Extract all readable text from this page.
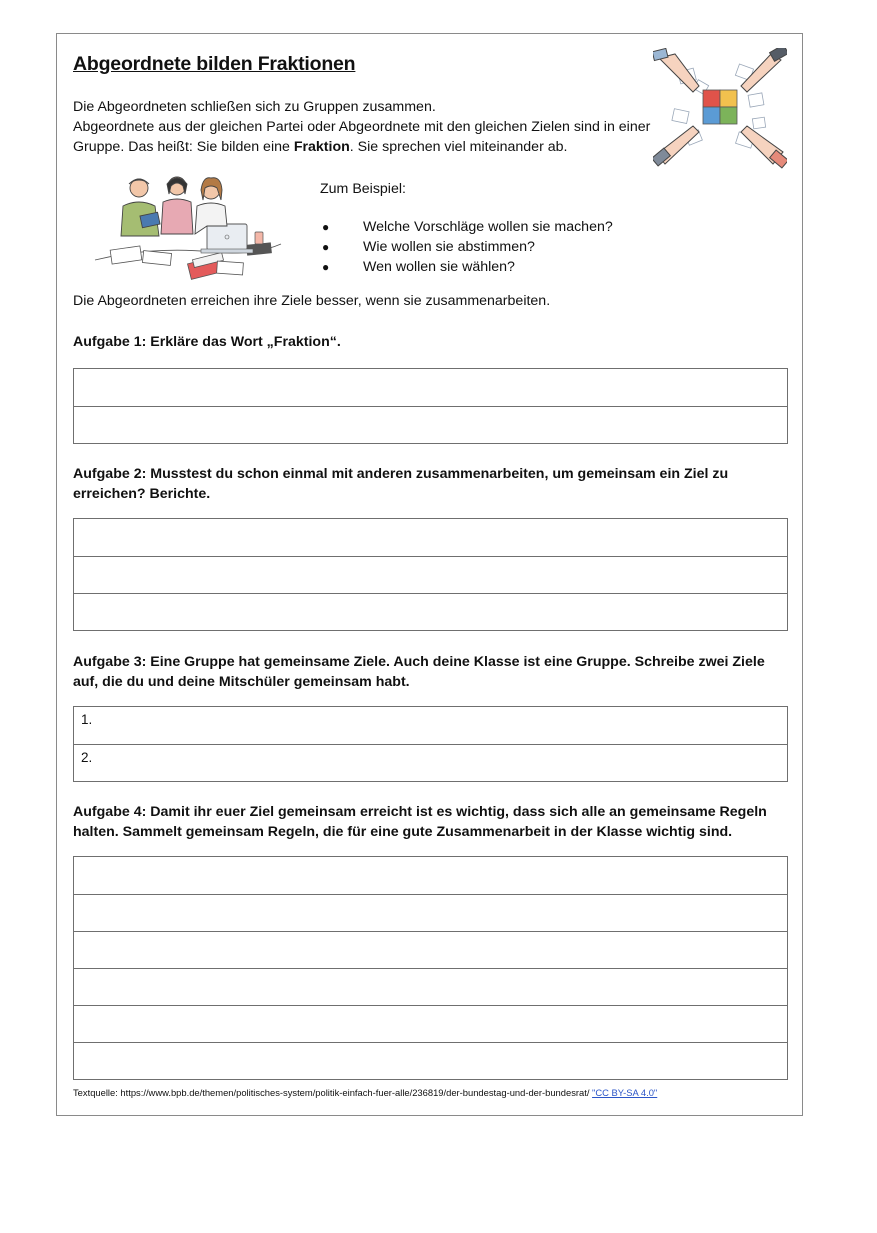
Abgeordnete bilden Fraktionen

Die Abgeordneten schließen sich zu Gruppen zusammen.

Abgeordnete aus der gleichen Partei oder Abgeordnete mit den gleichen Zielen sind in einer Gruppe. Das heißt: Sie bilden eine Fraktion. Sie sprechen viel miteinander ab.

Zum Beispiel:

● Welche Vorschläge wollen sie machen?
● Wie wollen sie abstimmen?
● Wen wollen sie wählen?

Die Abgeordneten erreichen ihre Ziele besser, wenn sie zusammenarbeiten.

Aufgabe 1: Erkläre das Wort „Fraktion“.

Aufgabe 2: Musstest du schon einmal mit anderen zusammenarbeiten, um gemeinsam ein Ziel zu erreichen? Berichte.

Aufgabe 3: Eine Gruppe hat gemeinsame Ziele. Auch deine Klasse ist eine Gruppe. Schreibe zwei Ziele auf, die du und deine Mitschüler gemeinsam habt.

1.
2.

Aufgabe 4: Damit ihr euer Ziel gemeinsam erreicht ist es wichtig, dass sich alle an gemeinsame Regeln halten. Sammelt gemeinsam Regeln, die für eine gute Zusammenarbeit in der Klasse wichtig sind.

Textquelle: https://www.bpb.de/themen/politisches-system/politik-einfach-fuer-alle/236819/der-bundestag-und-der-bundesrat/ "CC BY-SA 4.0"
